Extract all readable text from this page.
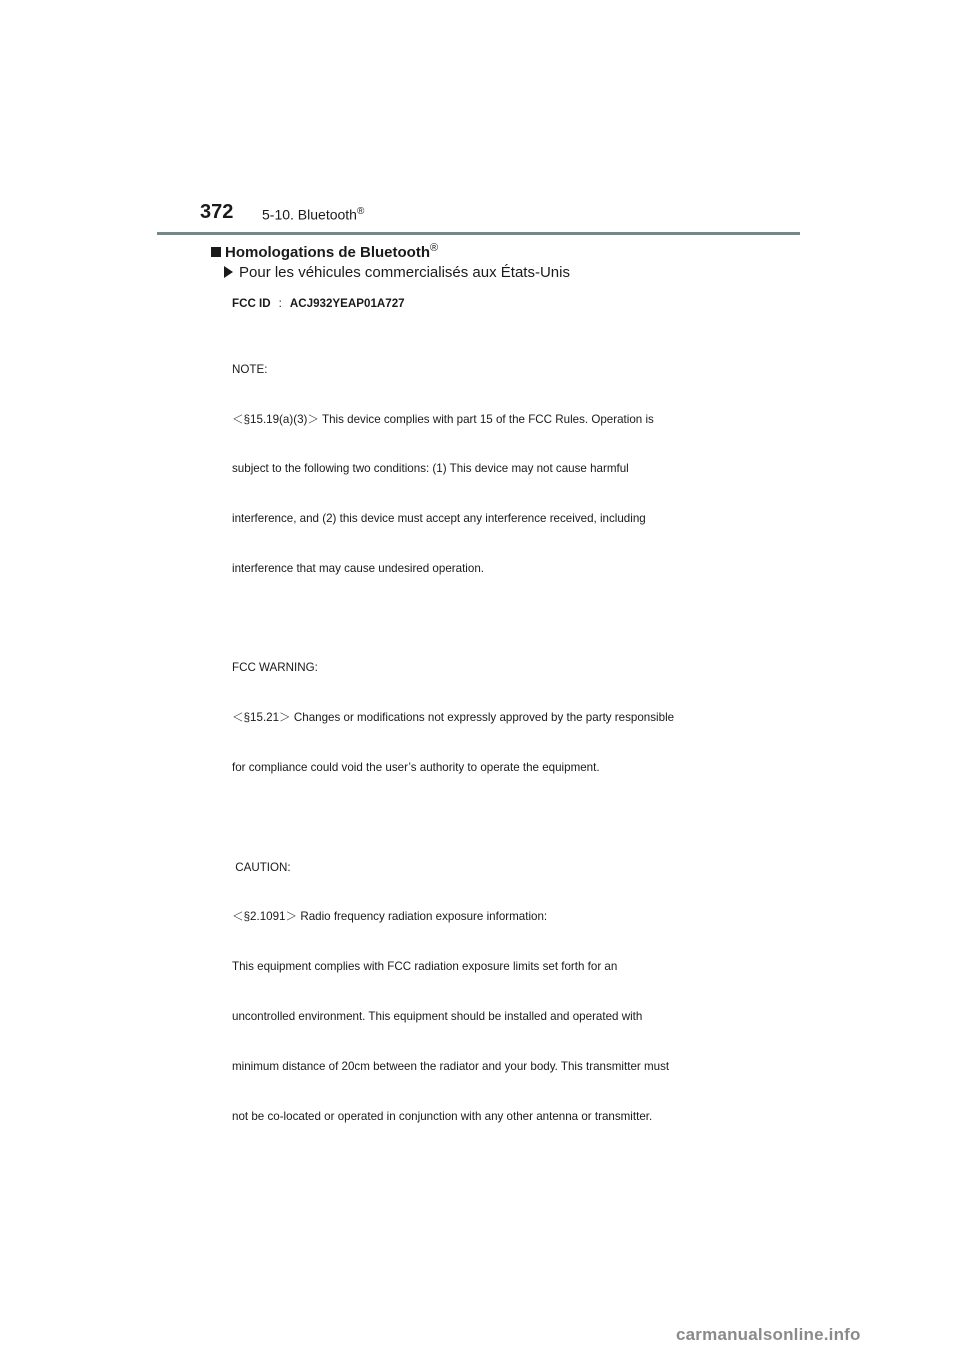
372 5-10. Bluetooth®
Homologations de Bluetooth®
Pour les véhicules commercialisés aux États-Unis
FCC ID : ACJ932YEAP01A727

NOTE:

＜§15.19(a)(3)＞ This device complies with part 15 of the FCC Rules. Operation is

subject to the following two conditions: (1) This device may not cause harmful

interference, and (2) this device must accept any interference received, including

interference that may cause undesired operation.

FCC WARNING:

＜§15.21＞ Changes or modifications not expressly approved by the party responsible

for compliance could void the user’s authority to operate the equipment.

CAUTION:

＜§2.1091＞ Radio frequency radiation exposure information:

This equipment complies with FCC radiation exposure limits set forth for an

uncontrolled environment. This equipment should be installed and operated with

minimum distance of 20cm between the radiator and your body. This transmitter must

not be co-located or operated in conjunction with any other antenna or transmitter.

carmanualsonline.info
